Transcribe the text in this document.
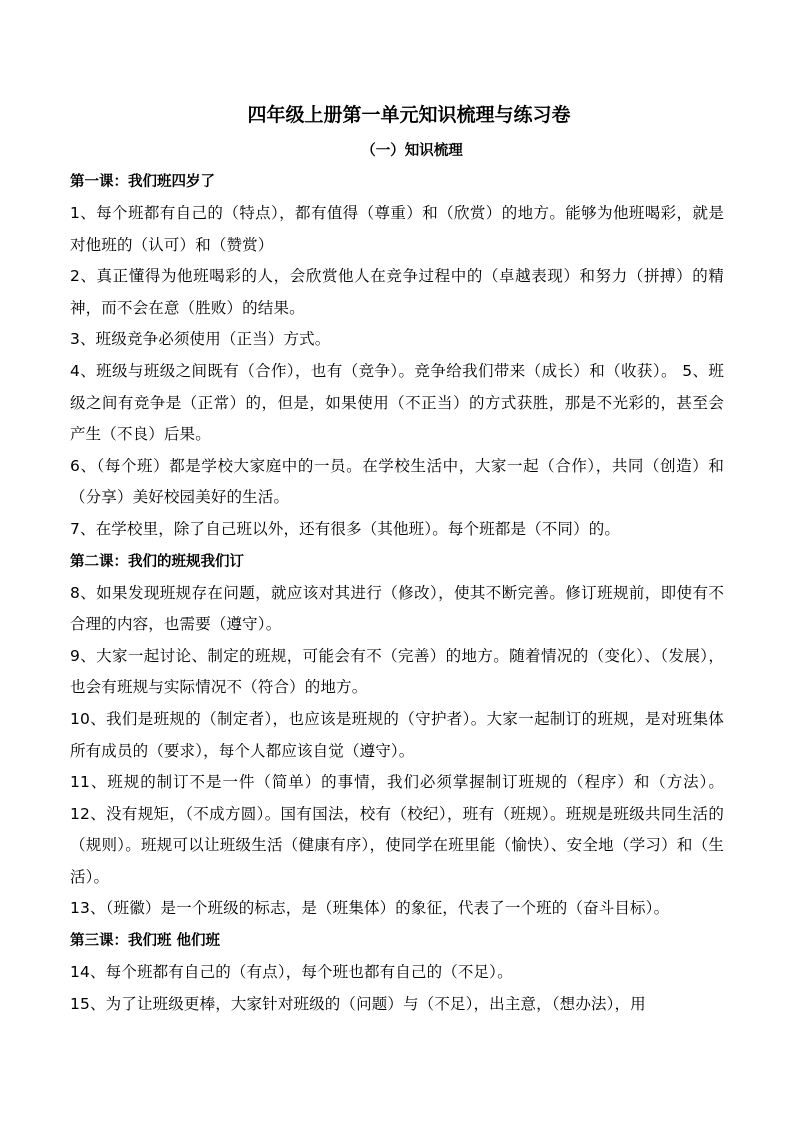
四年级上册第一单元知识梳理与练习卷
（一）知识梳理
第一课：我们班四岁了

1、每个班都有自己的（特点），都有值得（尊重）和（欣赏）的地方。能够为他班喝彩，就是对他班的（认可）和（赞赏）

2、真正懂得为他班喝彩的人，会欣赏他人在竞争过程中的（卓越表现）和努力（拼搏）的精神，而不会在意（胜败）的结果。

3、班级竞争必须使用（正当）方式。

4、班级与班级之间既有（合作），也有（竞争）。竞争给我们带来（成长）和（收获）。 5、班级之间有竞争是（正常）的，但是，如果使用（不正当）的方式获胜，那是不光彩的，甚至会产生（不良）后果。

6、（每个班）都是学校大家庭中的一员。在学校生活中，大家一起（合作），共同（创造）和（分享）美好校园美好的生活。

7、在学校里，除了自己班以外，还有很多（其他班）。每个班都是（不同）的。

第二课：我们的班规我们订

8、如果发现班规存在问题，就应该对其进行（修改），使其不断完善。修订班规前，即使有不合理的内容，也需要（遵守）。

9、大家一起讨论、制定的班规，可能会有不（完善）的地方。随着情况的（变化）、（发展），也会有班规与实际情况不（符合）的地方。

10、我们是班规的（制定者），也应该是班规的（守护者）。大家一起制订的班规，是对班集体所有成员的（要求），每个人都应该自觉（遵守）。

11、班规的制订不是一件（简单）的事情，我们必须掌握制订班规的（程序）和（方法）。 12、没有规矩，（不成方圆）。国有国法，校有（校纪），班有（班规）。班规是班级共同生活的（规则）。班规可以让班级生活（健康有序），使同学在班里能（愉快）、安全地（学习）和（生活）。

13、（班徽）是一个班级的标志，是（班集体）的象征，代表了一个班的（奋斗目标）。

第三课：我们班 他们班

14、每个班都有自己的（有点），每个班也都有自己的（不足）。

15、为了让班级更棒，大家针对班级的（问题）与（不足），出主意，（想办法），用
